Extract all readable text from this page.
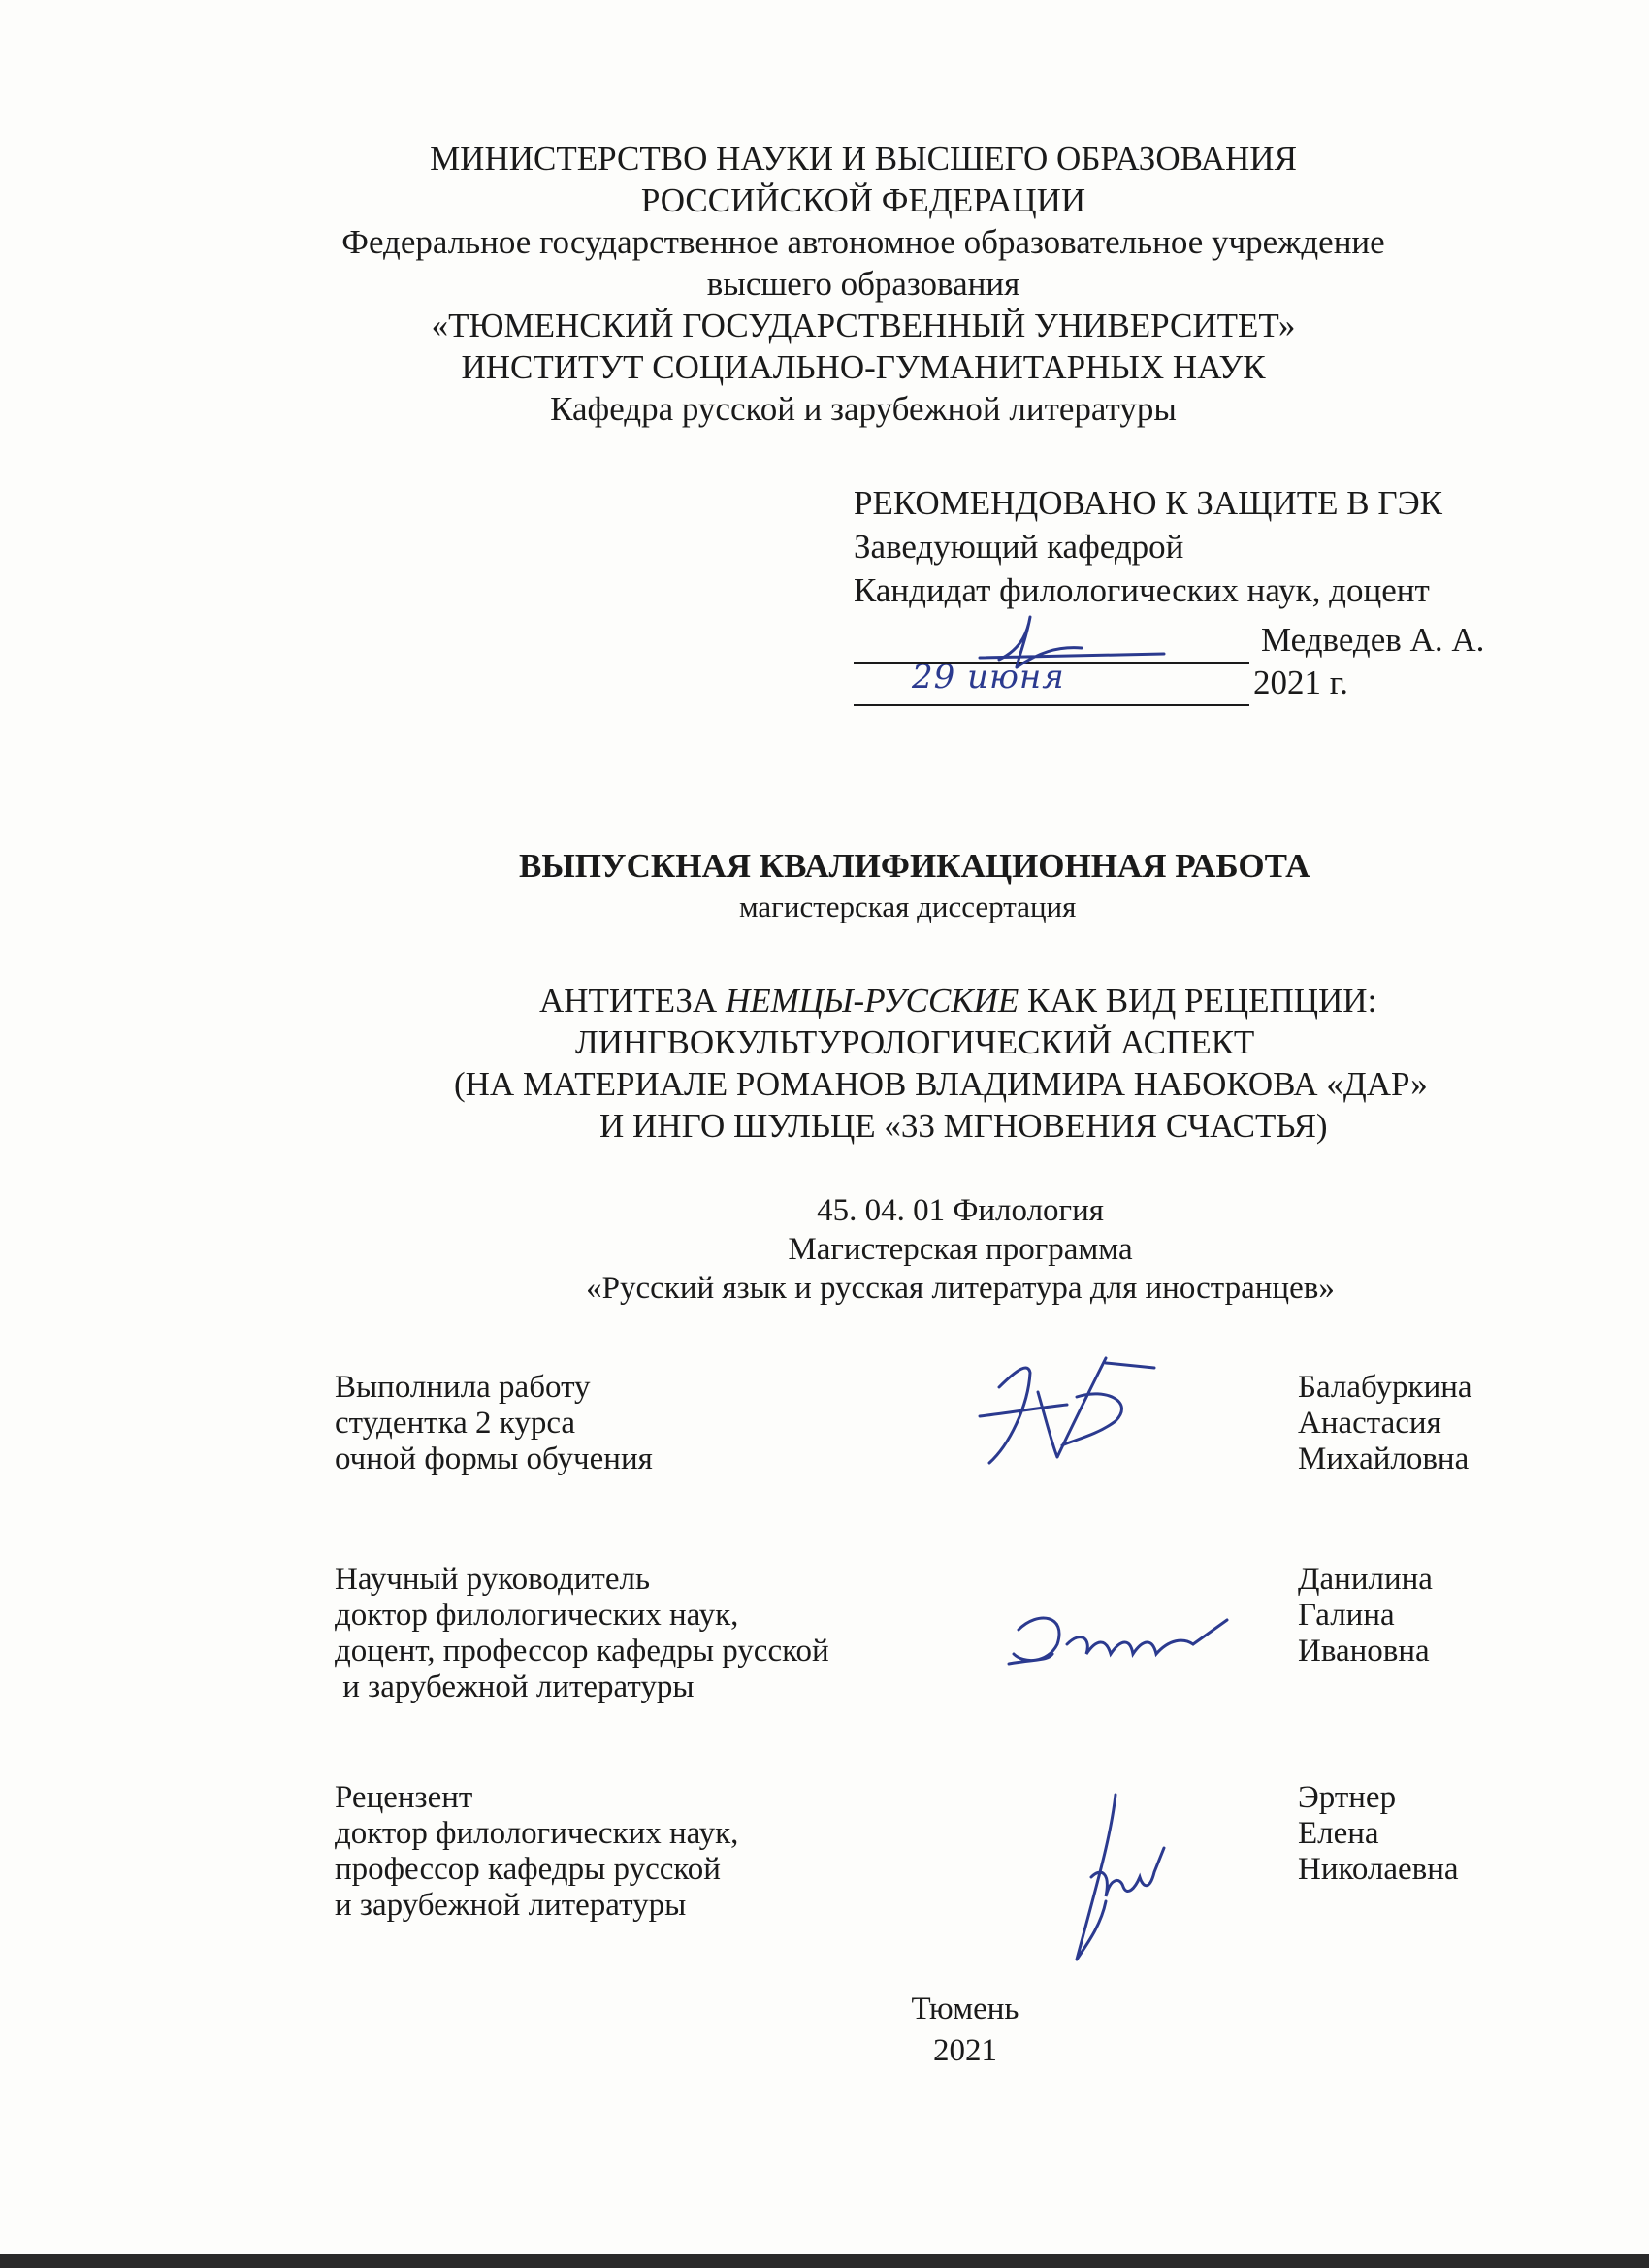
МИНИСТЕРСТВО НАУКИ И ВЫСШЕГО ОБРАЗОВАНИЯ
РОССИЙСКОЙ ФЕДЕРАЦИИ
Федеральное государственное автономное образовательное учреждение
высшего образования
«ТЮМЕНСКИЙ ГОСУДАРСТВЕННЫЙ УНИВЕРСИТЕТ»
ИНСТИТУТ СОЦИАЛЬНО-ГУМАНИТАРНЫХ НАУК
Кафедра русской и зарубежной литературы
РЕКОМЕНДОВАНО К ЗАЩИТЕ В ГЭК
Заведующий кафедрой
Кандидат филологических наук, доцент
Медведев А. А.
29 июня	2021 г.
ВЫПУСКНАЯ КВАЛИФИКАЦИОННАЯ РАБОТА
магистерская диссертация
АНТИТЕЗА НЕМЦЫ-РУССКИЕ КАК ВИД РЕЦЕПЦИИ:
ЛИНГВОКУЛЬТУРОЛОГИЧЕСКИЙ АСПЕКТ
(НА МАТЕРИАЛЕ РОМАНОВ ВЛАДИМИРА НАБОКОВА «ДАР»
И ИНГО ШУЛЬЦЕ «33 МГНОВЕНИЯ СЧАСТЬЯ)
45. 04. 01 Филология
Магистерская программа
«Русский язык и русская литература для иностранцев»
Выполнила работу
студентка 2 курса
очной формы обучения
Балабуркина
Анастасия
Михайловна
Научный руководитель
доктор филологических наук,
доцент, профессор кафедры русской
и зарубежной литературы
Данилина
Галина
Ивановна
Рецензент
доктор филологических наук,
профессор кафедры русской
и зарубежной литературы
Эртнер
Елена
Николаевна
Тюмень
2021
